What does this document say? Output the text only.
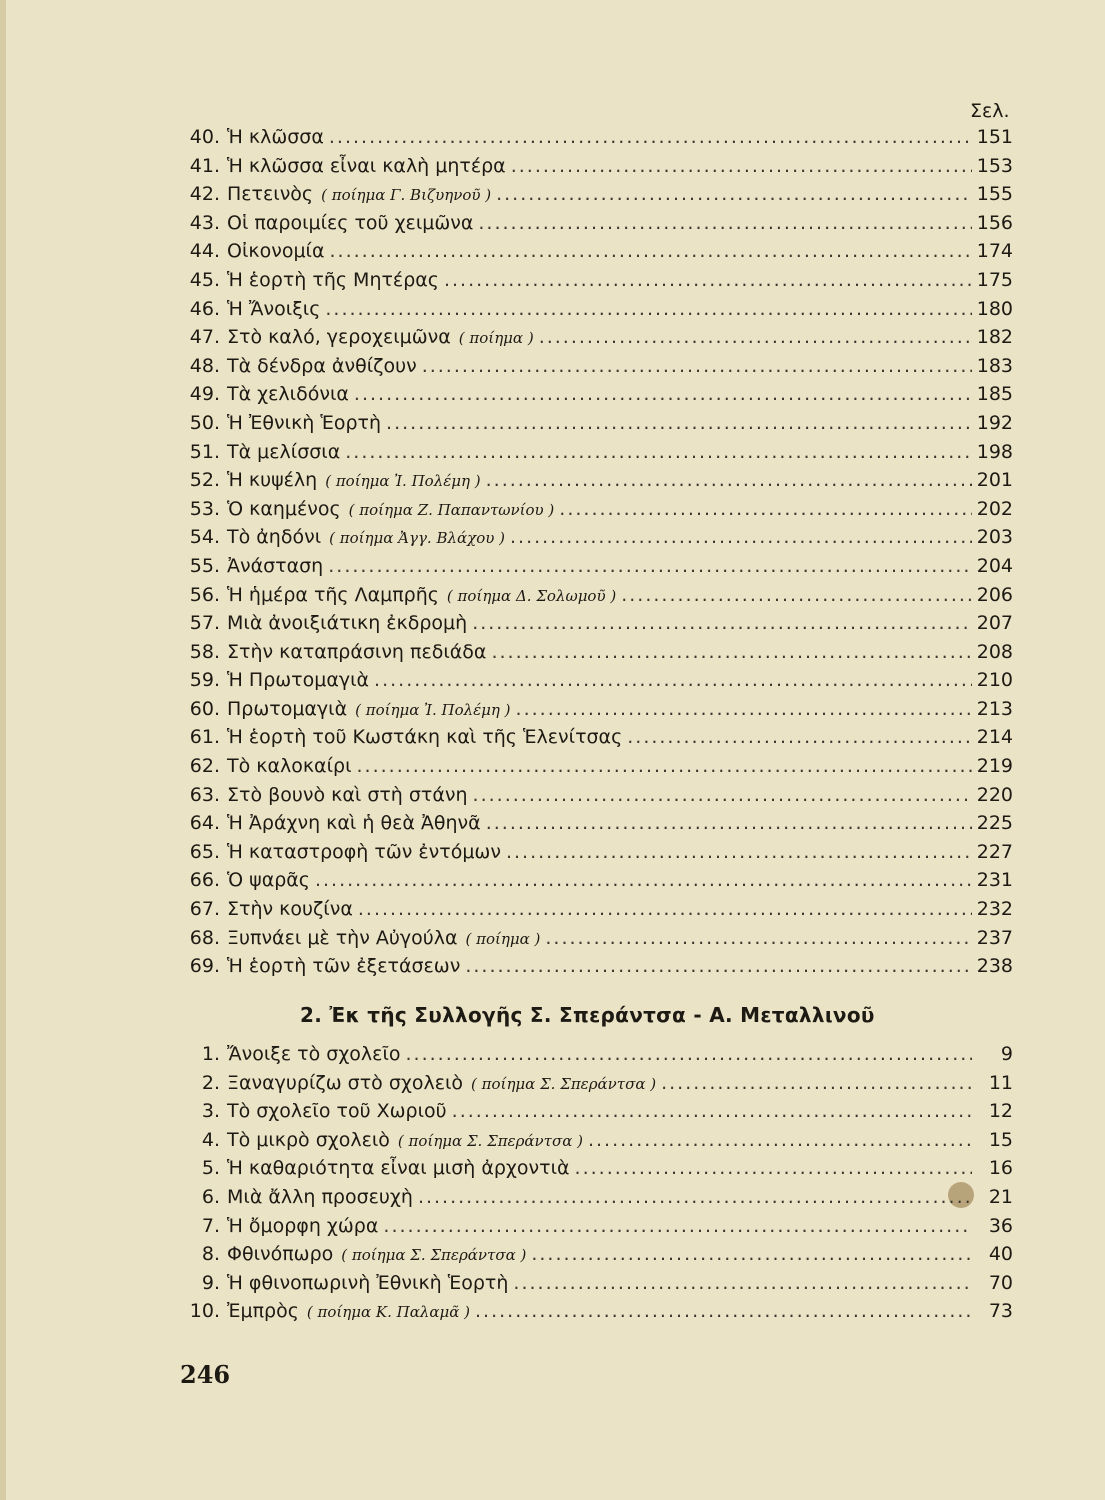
Σελ.
40. Ἡ κλῶσσα .....	151
41. Ἡ κλῶσσα εἶναι καλὴ μητέρα .....	153
42. Πετεινὸς ( ποίημα Γ. Βιζυηνοῦ ) .....	155
43. Οἱ παροιμίες τοῦ χειμῶνα .....	156
44. Οἰκονομία .....	174
45. Ἡ ἑορτὴ τῆς Μητέρας .....	175
46. Ἡ Ἄνοιξις .....	180
47. Στὸ καλό, γεροχειμῶνα ( ποίημα ) .....	182
48. Τὰ δένδρα ἀνθίζουν .....	183
49. Τὰ χελιδόνια .....	185
50. Ἡ Ἐθνικὴ Ἑορτὴ .....	192
51. Τὰ μελίσσια .....	198
52. Ἡ κυψέλη ( ποίημα Ἰ. Πολέμη ) .....	201
53. Ὁ καημένος ( ποίημα Ζ. Παπαντωνίου ) .....	202
54. Τὸ ἀηδόνι ( ποίημα Ἀγγ. Βλάχου ) .....	203
55. Ἀνάσταση .....	204
56. Ἡ ἡμέρα τῆς Λαμπρῆς ( ποίημα Δ. Σολωμοῦ ) .....	206
57. Μιὰ ἀνοιξιάτικη ἐκδρομὴ .....	207
58. Στὴν καταπράσινη πεδιάδα .....	208
59. Ἡ Πρωτομαγιὰ .....	210
60. Πρωτομαγιὰ ( ποίημα Ἰ. Πολέμη ) .....	213
61. Ἡ ἑορτὴ τοῦ Κωστάκη καὶ τῆς Ἑλενίτσας .....	214
62. Τὸ καλοκαίρι .....	219
63. Στὸ βουνὸ καὶ στὴ στάνη .....	220
64. Ἡ Ἀράχνη καὶ ἡ θεὰ Ἀθηνᾶ .....	225
65. Ἡ καταστροφὴ τῶν ἐντόμων .....	227
66. Ὁ ψαρᾶς .....	231
67. Στὴν κουζίνα .....	232
68. Ξυπνάει μὲ τὴν Αὐγούλα ( ποίημα ) .....	237
69. Ἡ ἑορτὴ τῶν ἐξετάσεων .....	238
2. Ἐκ τῆς Συλλογῆς Σ. Σπεράντσα - Α. Μεταλλινοῦ
1. Ἄνοιξε τὸ σχολεῖο .....	9
2. Ξαναγυρίζω στὸ σχολειὸ ( ποίημα Σ. Σπεράντσα ) .....	11
3. Τὸ σχολεῖο τοῦ Χωριοῦ .....	12
4. Τὸ μικρὸ σχολειὸ ( ποίημα Σ. Σπεράντσα ) .....	15
5. Ἡ καθαριότητα εἶναι μισὴ ἀρχοντιὰ .....	16
6. Μιὰ ἄλλη προσευχὴ .....	21
7. Ἡ ὄμορφη χώρα .....	36
8. Φθινόπωρο ( ποίημα Σ. Σπεράντσα ) .....	40
9. Ἡ φθινοπωρινὴ Ἐθνικὴ Ἑορτὴ .....	70
10. Ἐμπρὸς ( ποίημα Κ. Παλαμᾶ ) .....	73
246
